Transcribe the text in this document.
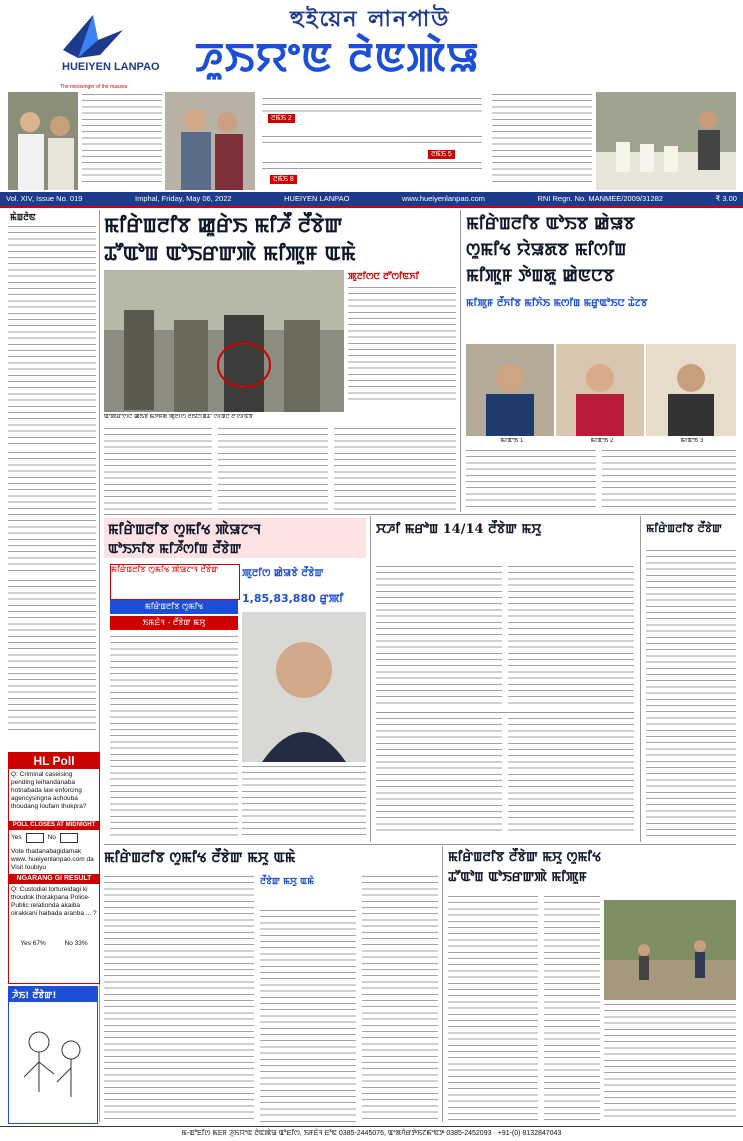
হুইয়েন লানপাউ
HUEIYEN LANPAO
The messenger of the masses
ꯍꯨꯏꯌꯦꯟ ꯂꯥꯟꯄꯥꯎ
ꯂꯃꯥꯏ 2
ꯂꯃꯥꯏ 5
ꯂꯃꯥꯏ 8
Vol. XIV, Issue No. 019	Imphal, Friday, May 06, 2022	HUEIYEN LANPAO	www.hueiyenlanpao.com	RNI Regn. No. MANMEE/2009/31282	₹ 3.00
ꯃꯥꯡꯂꯥꯟ
HL Poll
Q: Criminal caseising pending leihandanaba hotnabada law enforcing agencysingna achouba thoudang loufam thokpra?
POLL CLOSES AT MIDNIGHT
Yes	No
Vote thadanabagidamak www. hueiyenlanpao.com da Visit toubiyu
NGARANG GI RESULT
Q: Custodial tortureidagi ki thoudok thorakpana Police-Public relationda akaiba oirakkani haibada aranba ... ?
Yes 67%	No 33%
ꯍꯥꯏ! ꯂꯩꯕꯥꯛ!
ꯃꯤꯔꯥꯡꯂꯤꯕ ꯀꯨꯔꯥꯏ ꯃꯤꯍꯩ ꯂꯩꯕꯥꯛ
ꯊꯧꯑꯣꯡ ꯑꯣꯏꯔꯛꯄꯥ ꯃꯤꯄꯨꯝ ꯑꯃꯥ
ꯄꯨꯂꯤꯁꯅ ꯂꯧꯁꯤꯟꯈꯤ
ꯑꯣꯄꯔꯦꯁꯅ ꯀꯥꯏꯕ ꯃꯇꯝꯗ ꯄꯨꯂꯤꯁ ꯂꯥꯏꯅꯤꯡꯊꯧ ꯁꯤꯡꯅ ꯂꯧꯁꯤꯟꯕ
ꯃꯤꯔꯥꯡꯂꯤꯕ ꯑꯣꯏꯕ ꯀꯥꯎꯕ
ꯁꯨꯃꯤꯠ ꯌꯥꯎꯗꯕ ꯃꯤꯁꯤꯡ
ꯃꯤꯄꯨꯝ ꯇꯥꯡꯗꯨ ꯀꯥꯟꯅꯕ
ꯃꯤꯄꯨꯝ ꯂꯩꯈꯤꯕ ꯃꯤꯈꯥꯏ ꯃꯁꯤꯡ ꯃꯔꯨꯑꯣꯏꯅ ꯊꯥꯖꯕ
ꯃꯤꯑꯣꯏ 1	ꯃꯤꯑꯣꯏ 2	ꯃꯤꯑꯣꯏ 3
ꯃꯤꯔꯥꯡꯂꯤꯕ ꯁꯨꯃꯤꯠ ꯄꯥꯎꯖꯦꯜ
ꯑꯣꯏꯈꯤꯕ ꯃꯤꯍꯩꯁꯤꯡ ꯂꯩꯕꯥꯛ
ꯃꯤꯔꯥꯡꯂꯤꯕ ꯁꯨꯃꯤꯠ ꯄꯥꯎꯖꯦꯜ ꯂꯩꯕꯥꯛ
ꯃꯤꯔꯥꯡꯂꯤꯕ ꯁꯨꯃꯤꯠ
ꯏꯃꯐꯥꯜ - ꯂꯩꯕꯥꯛ ꯃꯆꯨ
ꯄꯨꯂꯤꯁ ꯀꯥꯎꯕꯥ ꯂꯩꯕꯥꯛ
1,85,83,880 ꯔꯨꯄꯤ
ꯆꯍꯤ ꯃꯔꯣꯡ 14/14 ꯂꯩꯕꯥꯛ ꯃꯆꯨ	ꯃꯤꯔꯥꯡꯂꯤꯕ ꯂꯩꯕꯥꯛ
ꯃꯤꯔꯥꯡꯂꯤꯕ ꯁꯨꯃꯤꯠ ꯂꯩꯕꯥꯛ ꯃꯆꯨ ꯑꯃꯥ
ꯂꯩꯕꯥꯛ ꯃꯆꯨ ꯑꯃꯥ
ꯃꯤꯔꯥꯡꯂꯤꯕ ꯂꯩꯕꯥꯛ ꯃꯆꯨ ꯁꯨꯃꯤꯠ
ꯊꯧꯑꯣꯡ ꯑꯣꯏꯔꯛꯄꯥ ꯃꯤꯄꯨꯝ
ꯃ-ꯑꯣꯐꯤꯁ ꯃꯐꯝ ꯍꯨꯏꯌꯦꯟ ꯂꯥꯟꯄꯥꯎ ꯑꯣꯐꯤꯁ, ꯏꯝꯐꯥꯜ ꯐꯣꯟ 0385-2445076, ꯑꯦꯗꯚꯥꯔꯇꯥꯏꯖꯃꯦꯟꯇ 0385-2452093 · +91-(0) 8132847043
